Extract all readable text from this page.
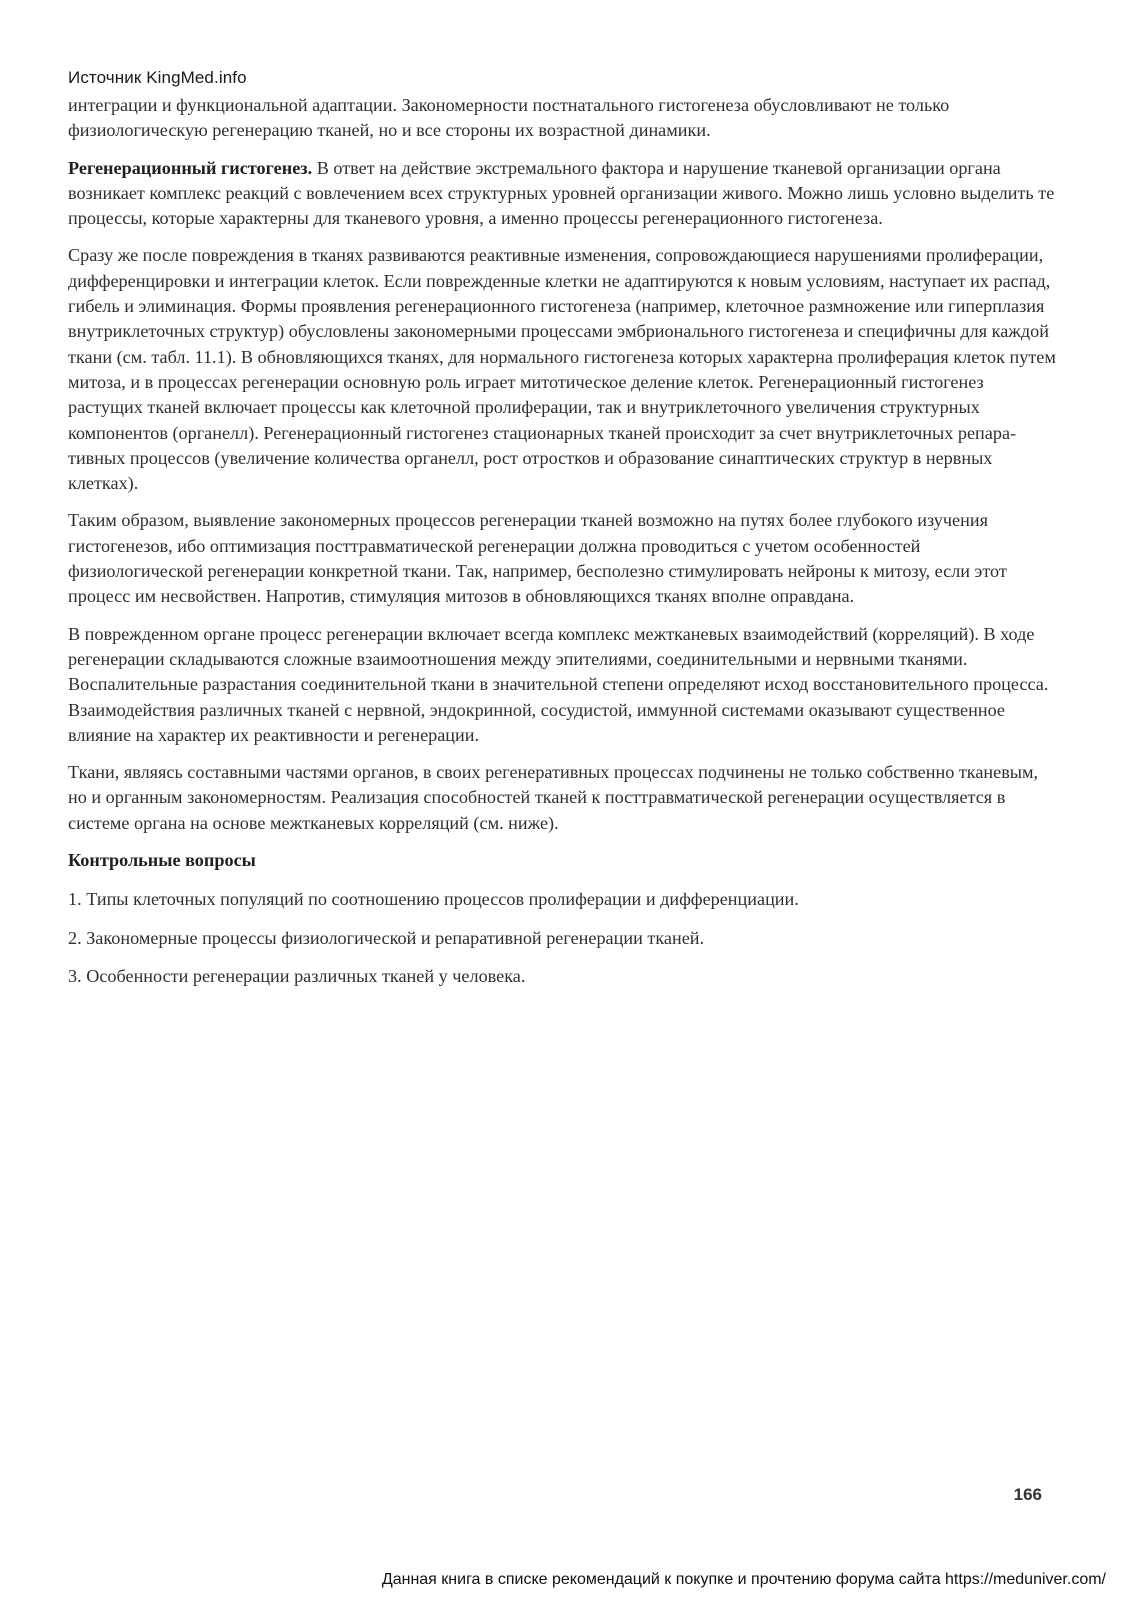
Источник KingMed.info

интеграции и функциональной адаптации. Закономерности постнатального гистогенеза обусловливают не только физиологическую регенерацию тканей, но и все стороны их возрастной динамики.

Регенерационный гистогенез. В ответ на действие экстремального фактора и нарушение тканевой организации органа возникает комплекс реакций с вовлечением всех структурных уровней организации живого. Можно лишь условно выделить те процессы, которые характерны для тканевого уровня, а именно процессы регенерационного гистогенеза.

Сразу же после повреждения в тканях развиваются реактивные изменения, сопровождающиеся нарушениями пролиферации, дифференцировки и интеграции клеток. Если поврежденные клетки не адаптируются к новым условиям, наступает их распад, гибель и элиминация. Формы проявления регенерационного гистогенеза (например, клеточное размножение или гиперплазия внутриклеточных структур) обусловлены закономерными процессами эмбрионального гистогенеза и специфичны для каждой ткани (см. табл. 11.1). В обновляющихся тканях, для нормального гистогенеза которых характерна пролиферация клеток путем митоза, и в процессах регенерации основную роль играет митотическое деление клеток. Регенерационный гистогенез растущих тканей включает процессы как клеточной пролиферации, так и внутриклеточного увеличения структурных компонентов (органелл). Регенерационный гистогенез стационарных тканей происходит за счет внутриклеточных репара-тивных процессов (увеличение количества органелл, рост отростков и образование синаптических структур в нервных клетках).

Таким образом, выявление закономерных процессов регенерации тканей возможно на путях более глубокого изучения гистогенезов, ибо оптимизация посттравматической регенерации должна проводиться с учетом особенностей физиологической регенерации конкретной ткани. Так, например, бесполезно стимулировать нейроны к митозу, если этот процесс им несвойствен. Напротив, стимуляция митозов в обновляющихся тканях вполне оправдана.

В поврежденном органе процесс регенерации включает всегда комплекс межтканевых взаимодействий (корреляций). В ходе регенерации складываются сложные взаимоотношения между эпителиями, соединительными и нервными тканями. Воспалительные разрастания соединительной ткани в значительной степени определяют исход восстановительного процесса. Взаимодействия различных тканей с нервной, эндокринной, сосудистой, иммунной системами оказывают существенное влияние на характер их реактивности и регенерации.

Ткани, являясь составными частями органов, в своих регенеративных процессах подчинены не только собственно тканевым, но и органным закономерностям. Реализация способностей тканей к посттравматической регенерации осуществляется в системе органа на основе межтканевых корреляций (см. ниже).

Контрольные вопросы
1. Типы клеточных популяций по соотношению процессов пролиферации и дифференциации.
2. Закономерные процессы физиологической и репаративной регенерации тканей.
3. Особенности регенерации различных тканей у человека.
166
Данная книга в списке рекомендаций к покупке и прочтению форума сайта https://meduniver.com/
